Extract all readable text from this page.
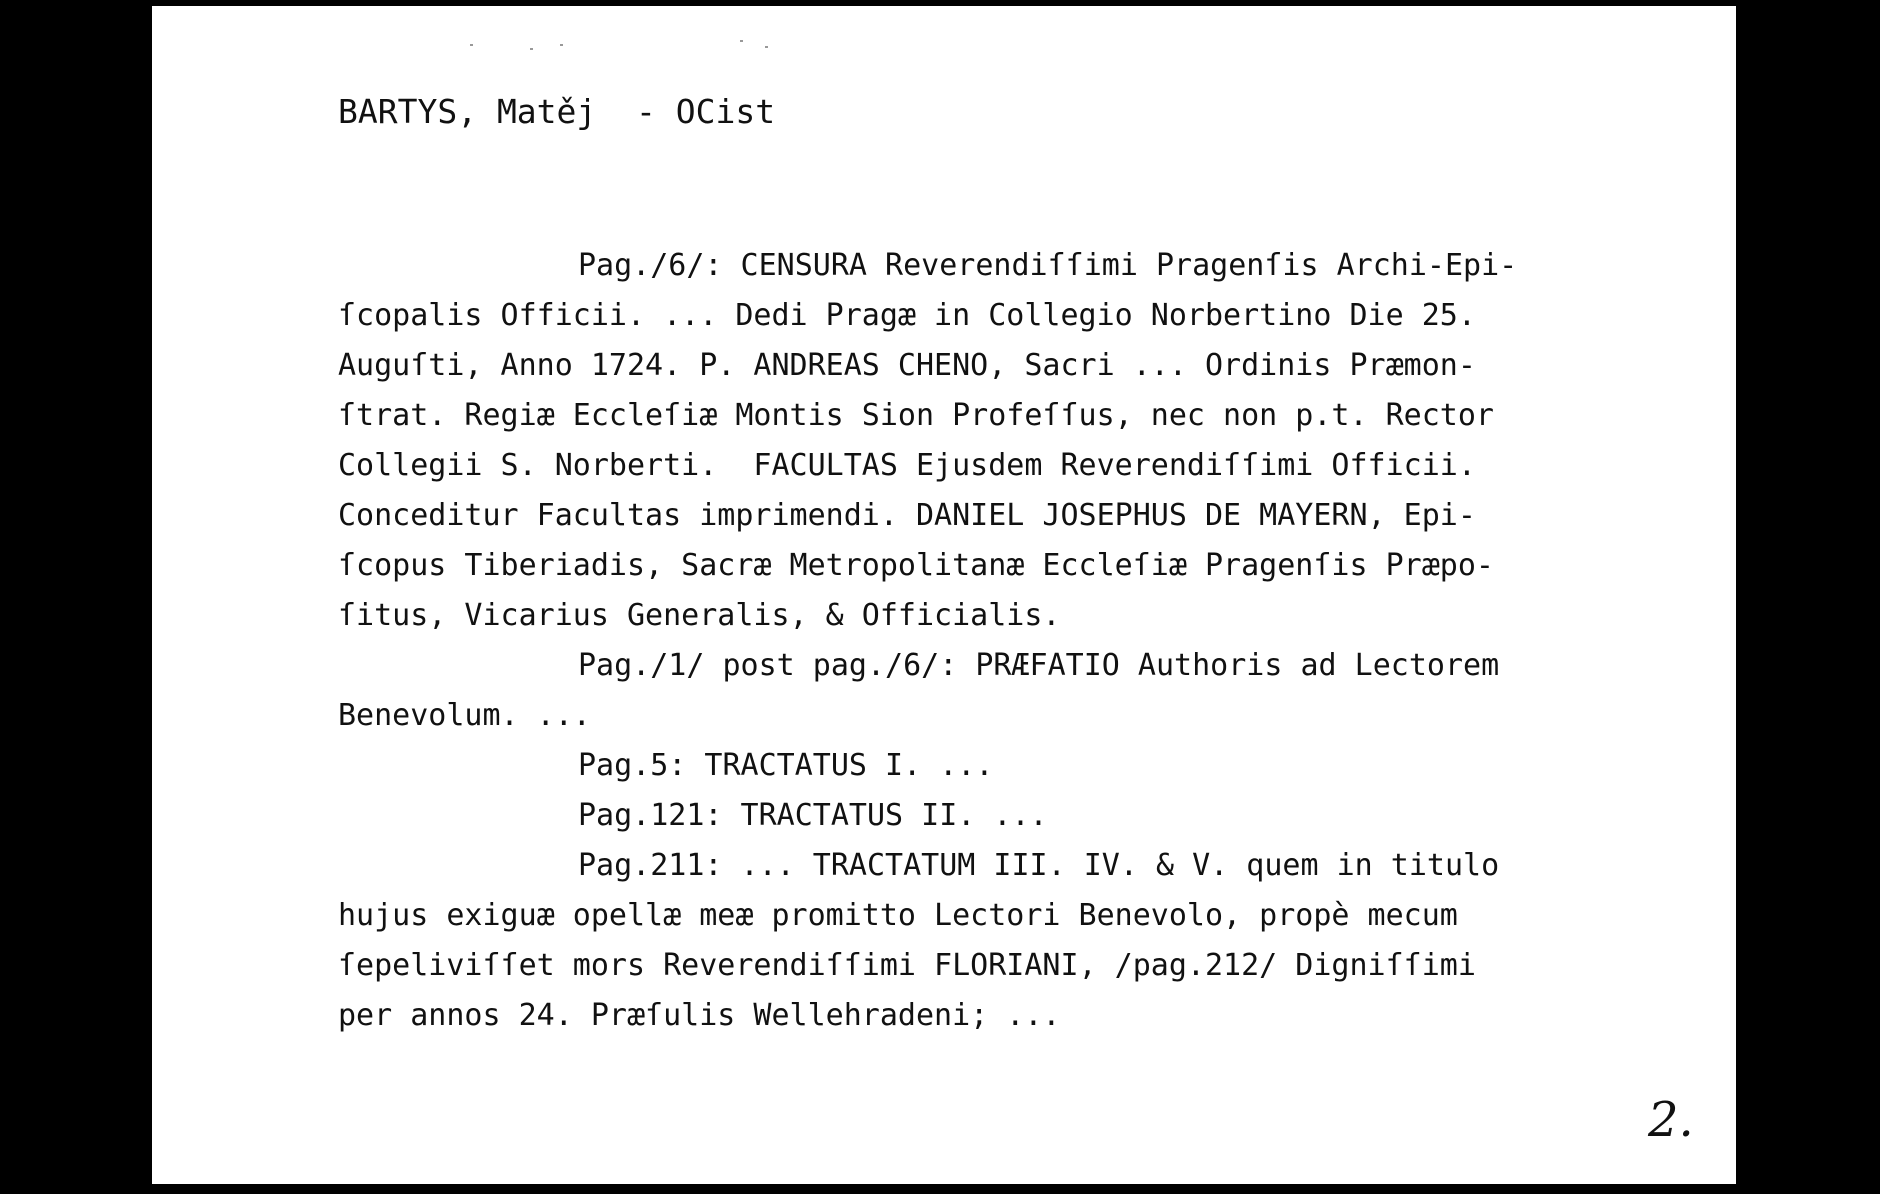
BARTYS, Matěj  - OCist
Pag./6/: CENSURA Reverendiſſimi Pragenſis Archi-Epi-
ſcopalis Officii. ... Dedi Pragæ in Collegio Norbertino Die 25.
Auguſti, Anno 1724. P. ANDREAS CHENO, Sacri ... Ordinis Præmon-
ſtrat. Regiæ Eccleſiæ Montis Sion Profeſſus, nec non p.t. Rector
Collegii S. Norberti.  FACULTAS Ejusdem Reverendiſſimi Officii.
Conceditur Facultas imprimendi. DANIEL JOSEPHUS DE MAYERN, Epi-
ſcopus Tiberiadis, Sacræ Metropolitanæ Eccleſiæ Pragenſis Præpo-
ſitus, Vicarius Generalis, & Officialis.
Pag./1/ post pag./6/: PRÆFATIO Authoris ad Lectorem
Benevolum. ...
Pag.5: TRACTATUS I. ...
Pag.121: TRACTATUS II. ...
Pag.211: ... TRACTATUM III. IV. & V. quem in titulo
hujus exiguæ opellæ meæ promitto Lectori Benevolo, propè mecum
ſepeliviſſet mors Reverendiſſimi FLORIANI, /pag.212/ Digniſſimi
per annos 24. Præſulis Wellehradeni; ...
2.
